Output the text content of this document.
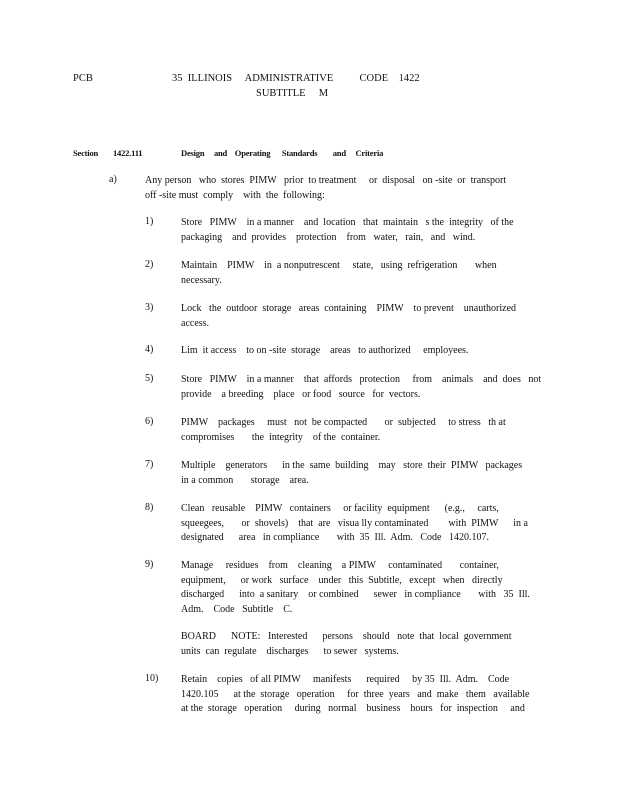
PCB	35  ILLINOIS     ADMINISTRATIVE          CODE    1422
SUBTITLE     M
Section 1422.111	Design     and    Operating      Standards        and     Criteria
a)	Any person   who  stores  PIMW   prior  to treatment     or  disposal   on -site  or  transport
off -site must  comply    with  the  following:
1)	Store   PIMW    in a manner    and  location   that  maintain   s the  integrity   of the
packaging    and  provides    protection    from   water,   rain,   and   wind.
2)	Maintain    PIMW    in  a nonputrescent     state,   using  refrigeration       when
necessary.
3)	Lock   the  outdoor  storage   areas  containing    PIMW    to prevent    unauthorized
access.
4)	Lim  it access    to on -site  storage    areas   to authorized     employees.
5)	Store   PIMW    in a manner    that  affords   protection     from    animals    and  does   not
provide    a breeding    place   or food   source   for  vectors.
6)	PIMW    packages     must   not  be compacted       or  subjected     to stress   th at
compromises       the  integrity    of the  container.
7)	Multiple    generators      in the  same  building    may   store  their  PIMW   packages
in a common       storage    area.
8)	Clean   reusable    PIMW   containers     or facility  equipment      (e.g.,     carts,
squeegees,       or  shovels)    that  are   visua lly contaminated        with  PIMW      in a
designated      area   in compliance       with  35  Ill.  Adm.   Code   1420.107.
9)	Manage     residues    from    cleaning    a PIMW     contaminated       container,
equipment,      or work   surface    under   this  Subtitle,   except   when   directly
discharged      into  a sanitary    or combined      sewer   in compliance       with   35  Ill.
Adm.    Code   Subtitle    C.
BOARD      NOTE:   Interested      persons    should   note  that  local  government
units  can  regulate    discharges      to sewer   systems.
10) Retain    copies   of all PIMW     manifests      required     by 35  Ill.  Adm.    Code
1420.105      at the  storage   operation     for  three  years   and  make   them   available
at the  storage   operation     during   normal    business    hours   for  inspection     and
